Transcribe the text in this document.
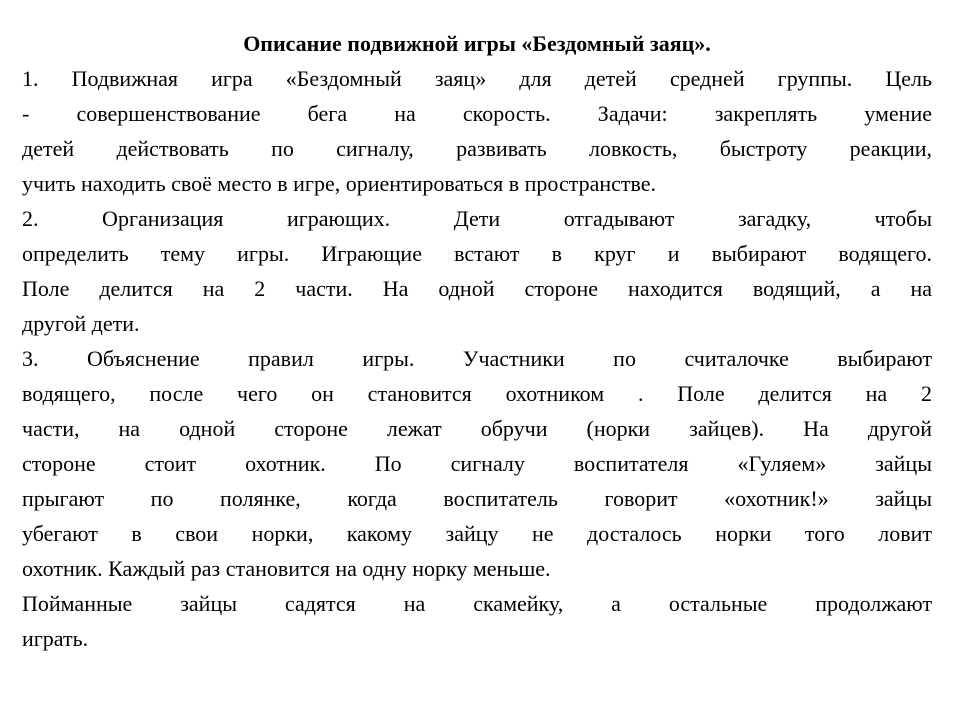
Описание подвижной игры «Бездомный заяц».
1. Подвижная игра «Бездомный заяц» для детей средней группы. Цель
- совершенствование бега на скорость. Задачи: закреплять умение
детей действовать по сигналу, развивать ловкость, быстроту реакции,
учить находить своё место в игре, ориентироваться в пространстве.
2. Организация играющих. Дети отгадывают загадку, чтобы
определить тему игры. Играющие встают в круг и выбирают водящего.
Поле делится на 2 части. На одной стороне находится водящий, а на
другой дети.
3. Объяснение правил игры. Участники по считалочке выбирают
водящего, после чего он становится охотником . Поле делится на 2
части, на одной стороне лежат обручи (норки зайцев). На другой
стороне стоит охотник. По сигналу воспитателя «Гуляем» зайцы
прыгают по полянке, когда воспитатель говорит «охотник!» зайцы
убегают в свои норки, какому зайцу не досталось норки того ловит
охотник. Каждый раз становится на одну норку меньше.
Пойманные зайцы садятся на скамейку, а остальные продолжают
играть.
